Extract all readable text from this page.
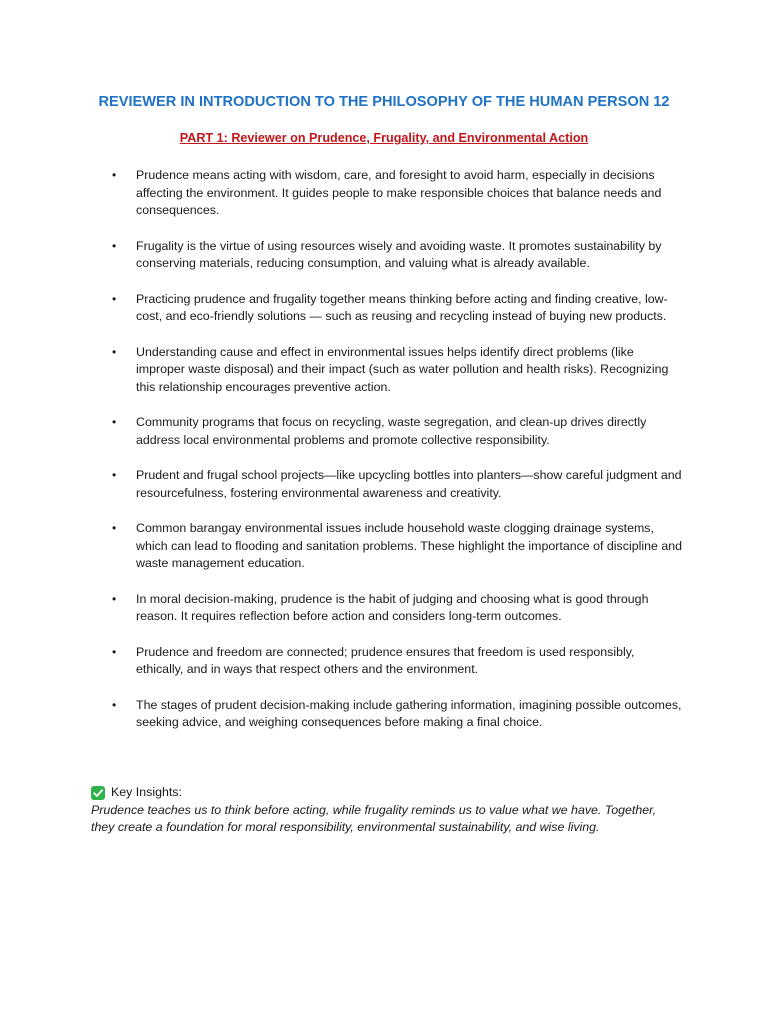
REVIEWER IN INTRODUCTION TO THE PHILOSOPHY OF THE HUMAN PERSON 12
PART 1: Reviewer on Prudence, Frugality, and Environmental Action
• Prudence means acting with wisdom, care, and foresight to avoid harm, especially in decisions affecting the environment. It guides people to make responsible choices that balance needs and consequences.
• Frugality is the virtue of using resources wisely and avoiding waste. It promotes sustainability by conserving materials, reducing consumption, and valuing what is already available.
• Practicing prudence and frugality together means thinking before acting and finding creative, low-cost, and eco-friendly solutions — such as reusing and recycling instead of buying new products.
• Understanding cause and effect in environmental issues helps identify direct problems (like improper waste disposal) and their impact (such as water pollution and health risks). Recognizing this relationship encourages preventive action.
• Community programs that focus on recycling, waste segregation, and clean-up drives directly address local environmental problems and promote collective responsibility.
• Prudent and frugal school projects—like upcycling bottles into planters—show careful judgment and resourcefulness, fostering environmental awareness and creativity.
• Common barangay environmental issues include household waste clogging drainage systems, which can lead to flooding and sanitation problems. These highlight the importance of discipline and waste management education.
• In moral decision-making, prudence is the habit of judging and choosing what is good through reason. It requires reflection before action and considers long-term outcomes.
• Prudence and freedom are connected; prudence ensures that freedom is used responsibly, ethically, and in ways that respect others and the environment.
• The stages of prudent decision-making include gathering information, imagining possible outcomes, seeking advice, and weighing consequences before making a final choice.
Key Insights:

Prudence teaches us to think before acting, while frugality reminds us to value what we have. Together, they create a foundation for moral responsibility, environmental sustainability, and wise living.
